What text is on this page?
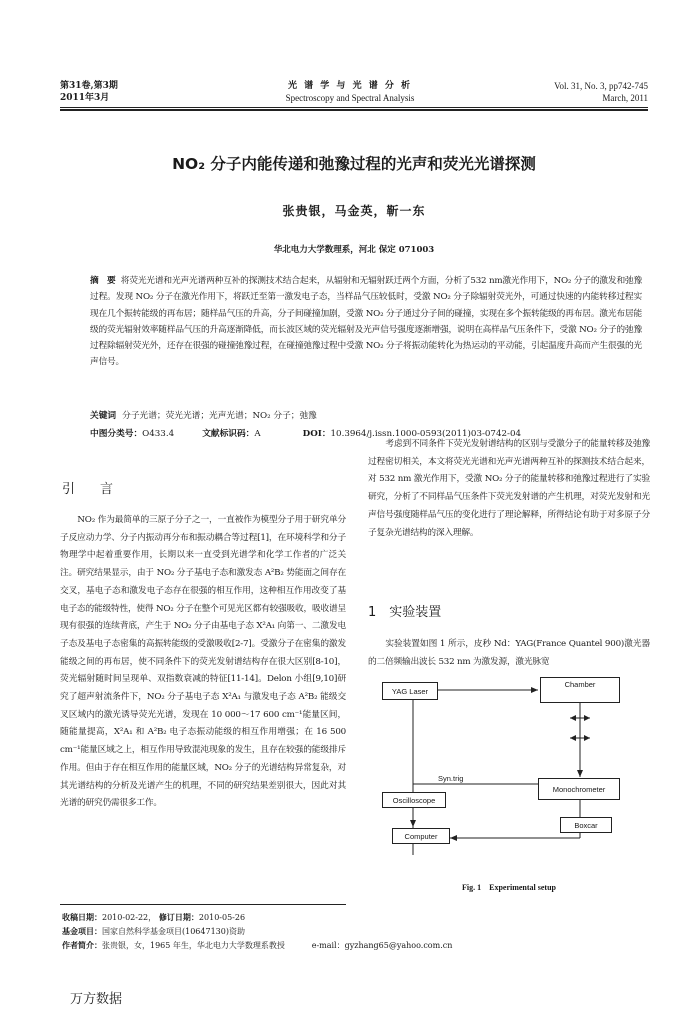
第31卷,第3期
2011年3月
光 谱 学 与 光 谱 分 析
Spectroscopy and Spectral Analysis
Vol. 31, No. 3, pp742-745
March, 2011
NO₂ 分子内能传递和弛豫过程的光声和荧光光谱探测
张贵银，马金英，靳一东
华北电力大学数理系，河北 保定 071003
摘　要 将荧光光谱和光声光谱两种互补的探测技术结合起来，从辐射和无辐射跃迁两个方面，分析了532 nm激光作用下，NO₂ 分子的激发和弛豫过程。发现 NO₂ 分子在激光作用下，将跃迁至第一激发电子态，当样品气压较低时，受激 NO₂ 分子除辐射荧光外，可通过快速的内能转移过程实现在几个振转能级的再布居；随样品气压的升高，分子间碰撞加剧，受激 NO₂ 分子通过分子间的碰撞，实现在多个振转能级的再布居。激光布居能级的荧光辐射效率随样品气压的升高逐渐降低，而长波区域的荧光辐射及光声信号强度逐渐增强，说明在高样品气压条件下，受激 NO₂ 分子的弛豫过程除辐射荧光外，还存在很强的碰撞弛豫过程，在碰撞弛豫过程中受激 NO₂ 分子将振动能转化为热运动的平动能，引起温度升高而产生很强的光声信号。
关键词 分子光谱；荧光光谱；光声光谱；NO₂ 分子；弛豫
中图分类号：O433.4	文献标识码：A	DOI：10.3964/j.issn.1000-0593(2011)03-0742-04
引　言
NO₂ 作为最简单的三原子分子之一，一直被作为模型分子用于研究单分子反应动力学、分子内振动再分布和振动耦合等过程[1]，在环境科学和分子物理学中起着重要作用，长期以来一直受到光谱学和化学工作者的广泛关注。研究结果显示，由于 NO₂ 分子基电子态和激发态 A²B₂ 势能面之间存在交叉，基电子态和激发电子态存在很强的相互作用，这种相互作用改变了基电子态的能级特性，使得 NO₂ 分子在整个可见光区都有较强吸收，吸收谱呈现有很强的连续背底，产生于 NO₂ 分子由基电子态 X²A₁ 向第一、二激发电子态及基电子态密集的高振转能级的受激吸收[2-7]。受激分子在密集的激发能级之间的再布居，使不同条件下的荧光发射谱结构存在很大区别[8-10]，荧光辐射随时间呈现单、双指数衰减的特征[11-14]。Delon 小组[9,10]研究了超声射流条件下，NO₂ 分子基电子态 X²A₁ 与激发电子态 A²B₂ 能级交叉区域内的激光诱导荧光光谱，发现在 10 000～17 600 cm⁻¹能量区间，随能量提高，X²A₁ 和 A²B₂ 电子态振动能级的相互作用增强；在 16 500 cm⁻¹能量区域之上，相互作用导致混沌现象的发生，且存在较强的能级排斥作用。但由于存在相互作用的能量区域，NO₂ 分子的光谱结构异常复杂，对其光谱结构的分析及光谱产生的机理，不同的研究结果差别很大，因此对其光谱的研究仍需很多工作。
考虑到不同条件下荧光发射谱结构的区别与受激分子的能量转移及弛豫过程密切相关，本文将荧光光谱和光声光谱两种互补的探测技术结合起来，对 532 nm 激光作用下，受激 NO₂ 分子的能量转移和弛豫过程进行了实验研究，分析了不同样品气压条件下荧光发射谱的产生机理，对荧光发射和光声信号强度随样品气压的变化进行了理论解释，所得结论有助于对多原子分子复杂光谱结构的深入理解。
1　实验装置
实验装置如图 1 所示，皮秒 Nd：YAG(France Quantel 900)激光器的二倍频输出波长 532 nm 为激发源，激光脉宽
YAG Laser
Chamber
Monochrometer
Oscilloscope
Boxcar
Computer
Syn.trig
Fig. 1　Experimental setup
收稿日期：2010-02-22， 修订日期：2010-05-26
基金项目：国家自然科学基金项目(10647130)资助
作者简介：张贵银，女，1965 年生，华北电力大学数理系教授	e-mail：gyzhang65@yahoo.com.cn
万方数据
